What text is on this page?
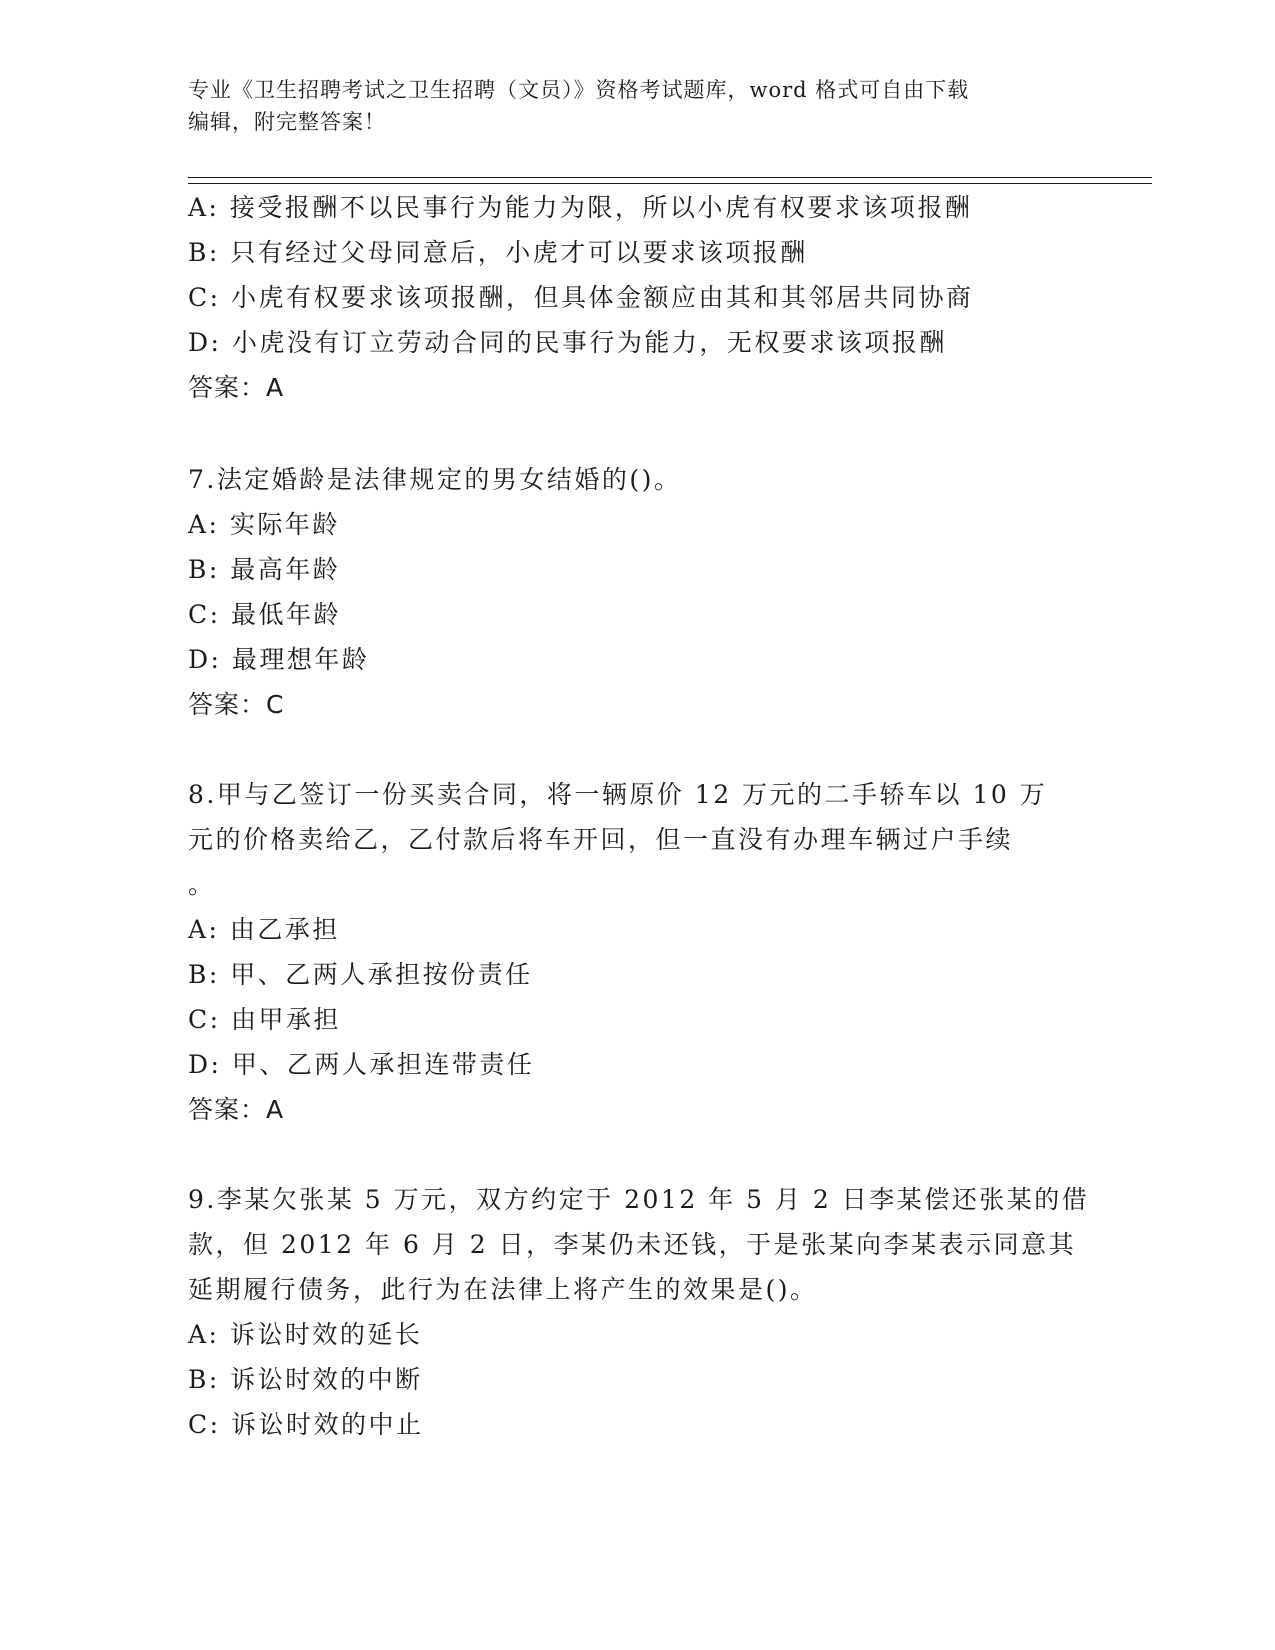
专业《卫生招聘考试之卫生招聘（文员）》资格考试题库，word 格式可自由下载
编辑，附完整答案！
A: 接受报酬不以民事行为能力为限，所以小虎有权要求该项报酬
B: 只有经过父母同意后，小虎才可以要求该项报酬
C: 小虎有权要求该项报酬，但具体金额应由其和其邻居共同协商
D: 小虎没有订立劳动合同的民事行为能力，无权要求该项报酬
答案：A
7.法定婚龄是法律规定的男女结婚的()。
A: 实际年龄
B: 最高年龄
C: 最低年龄
D: 最理想年龄
答案：C
8.甲与乙签订一份买卖合同，将一辆原价 12 万元的二手轿车以 10 万
元的价格卖给乙，乙付款后将车开回，但一直没有办理车辆过户手续
。
A: 由乙承担
B: 甲、乙两人承担按份责任
C: 由甲承担
D: 甲、乙两人承担连带责任
答案：A
9.李某欠张某 5 万元，双方约定于 2012 年 5 月 2 日李某偿还张某的借
款，但 2012 年 6 月 2 日，李某仍未还钱，于是张某向李某表示同意其
延期履行债务，此行为在法律上将产生的效果是()。
A: 诉讼时效的延长
B: 诉讼时效的中断
C: 诉讼时效的中止
